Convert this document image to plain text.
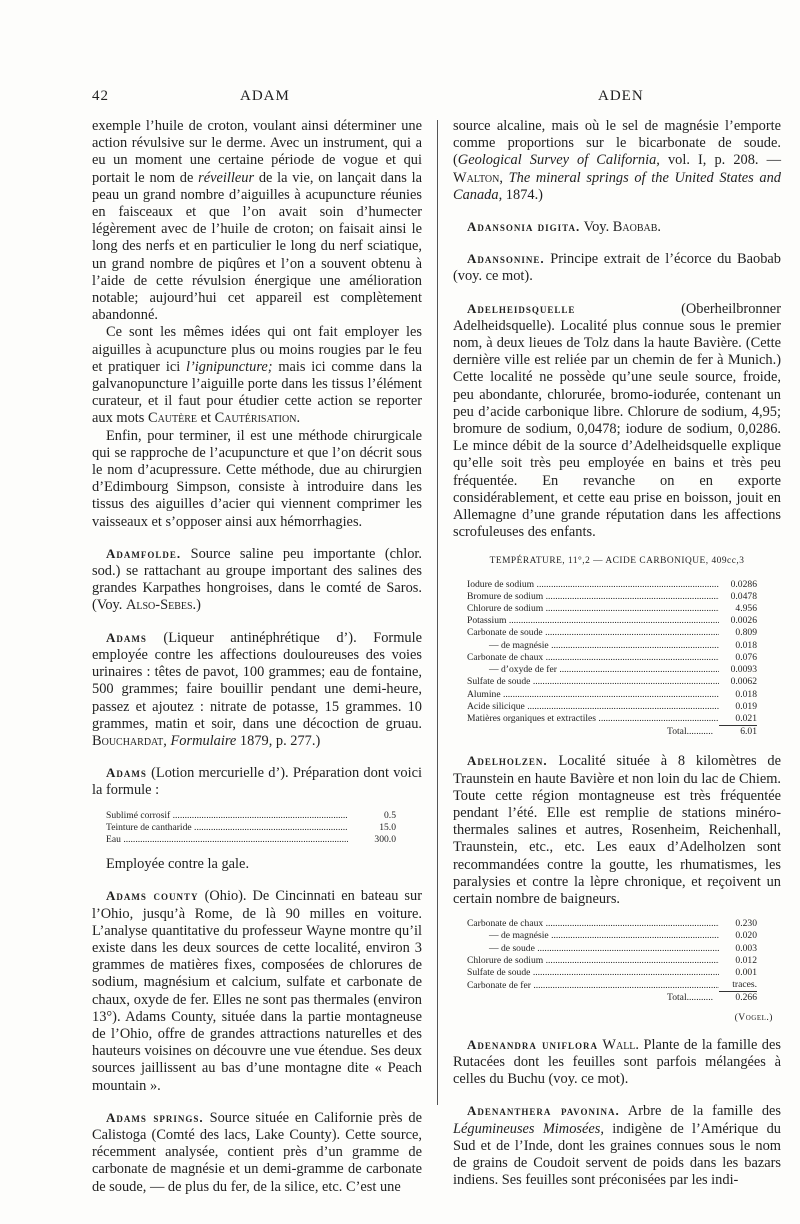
42	ADAM	ADEN

exemple l’huile de croton, voulant ainsi déterminer une action révulsive sur le derme. Avec un instrument, qui a eu un moment une certaine période de vogue et qui portait le nom de réveilleur de la vie, on lançait dans la peau un grand nombre d’aiguilles à acupuncture réunies en faisceaux et que l’on avait soin d’humecter légèrement avec de l’huile de croton; on faisait ainsi le long des nerfs et en particulier le long du nerf sciatique, un grand nombre de piqûres et l’on a souvent obtenu à l’aide de cette révulsion énergique une amélioration notable; aujourd’hui cet appareil est complètement abandonné.

Ce sont les mêmes idées qui ont fait employer les aiguilles à acupuncture plus ou moins rougies par le feu et pratiquer ici l’ignipuncture; mais ici comme dans la galvanopuncture l’aiguille porte dans les tissus l’élément curateur, et il faut pour étudier cette action se reporter aux mots Cautère et Cautérisation.

Enfin, pour terminer, il est une méthode chirurgicale qui se rapproche de l’acupuncture et que l’on décrit sous le nom d’acupressure. Cette méthode, due au chirurgien d’Edimbourg Simpson, consiste à introduire dans les tissus des aiguilles d’acier qui viennent comprimer les vaisseaux et s’opposer ainsi aux hémorrhagies.

Adamfolde. Source saline peu importante (chlor. sod.) se rattachant au groupe important des salines des grandes Karpathes hongroises, dans le comté de Saros. (Voy. Also-Sebes.)

Adams (Liqueur antinéphrétique d’). Formule employée contre les affections douloureuses des voies urinaires : têtes de pavot, 100 grammes; eau de fontaine, 500 grammes; faire bouillir pendant une demi-heure, passez et ajoutez : nitrate de potasse, 15 grammes. 10 grammes, matin et soir, dans une décoction de gruau. Bouchardat, Formulaire 1879, p. 277.)

Adams (Lotion mercurielle d’). Préparation dont voici la formule :

Sublimé corrosif .....	0.5
Teinture de cantharide .....	15.0
Eau .....	300.0

Employée contre la gale.

Adams county (Ohio). De Cincinnati en bateau sur l’Ohio, jusqu’à Rome, de là 90 milles en voiture. L’analyse quantitative du professeur Wayne montre qu’il existe dans les deux sources de cette localité, environ 3 grammes de matières fixes, composées de chlorures de sodium, magnésium et calcium, sulfate et carbonate de chaux, oxyde de fer. Elles ne sont pas thermales (environ 13°). Adams County, située dans la partie montagneuse de l’Ohio, offre de grandes attractions naturelles et des hauteurs voisines on découvre une vue étendue. Ses deux sources jaillissent au bas d’une montagne dite « Peach mountain ».

Adams springs. Source située en Californie près de Calistoga (Comté des lacs, Lake County). Cette source, récemment analysée, contient près d’un gramme de carbonate de magnésie et un demi-gramme de carbonate de soude, — de plus du fer, de la silice, etc. C’est une

source alcaline, mais où le sel de magnésie l’emporte comme proportions sur le bicarbonate de soude. (Geological Survey of California, vol. I, p. 208. — Walton, The mineral springs of the United States and Canada, 1874.)

Adansonia digita. Voy. Baobab.

Adansonine. Principe extrait de l’écorce du Baobab (voy. ce mot).

Adelheidsquelle	(Oberheilbronner Adelheidsquelle). Localité plus connue sous le premier nom, à deux lieues de Tolz dans la haute Bavière. (Cette dernière ville est reliée par un chemin de fer à Munich.) Cette localité ne possède qu’une seule source, froide, peu abondante, chlorurée, bromo-iodurée, contenant un peu d’acide carbonique libre. Chlorure de sodium, 4,95; bromure de sodium, 0,0478; iodure de sodium, 0,0286. Le mince débit de la source d’Adelheidsquelle explique qu’elle soit très peu employée en bains et très peu fréquentée. En revanche on en exporte considérablement, et cette eau prise en boisson, jouit en Allemagne d’une grande réputation dans les affections scrofuleuses des enfants.

TEMPÉRATURE, 11°,2 — ACIDE CARBONIQUE, 409cc,3

Iodure de sodium .....	0.0286
Bromure de sodium .....	0.0478
Chlorure de sodium .....	4.956
Potassium .....	0.0026
Carbonate de soude .....	0.809
— de magnésie .....	0.018
Carbonate de chaux .....	0.076
— d’oxyde de fer .....	0.0093
Sulfate de soude .....	0.0062
Alumine .....	0.018
Acide silicique .....	0.019
Matières organiques et extractiles .....	0.021
Total .....	6.01

Adelholzen. Localité située à 8 kilomètres de Traunstein en haute Bavière et non loin du lac de Chiem. Toute cette région montagneuse est très fréquentée pendant l’été. Elle est remplie de stations minéro-thermales salines et autres, Rosenheim, Reichenhall, Traunstein, etc., etc. Les eaux d’Adelholzen sont recommandées contre la goutte, les rhumatismes, les paralysies et contre la lèpre chronique, et reçoivent un certain nombre de baigneurs.

Carbonate de chaux .....	0.230
— de magnésie .....	0.020
— de soude .....	0.003
Chlorure de sodium .....	0.012
Sulfate de soude .....	0.001
Carbonate de fer .....	traces.
Total .....	0.266
(Vogel.)

Adenandra uniflora Wall. Plante de la famille des Rutacées dont les feuilles sont parfois mélangées à celles du Buchu (voy. ce mot).

Adenanthera pavonina. Arbre de la famille des Légumineuses Mimosées, indigène de l’Amérique du Sud et de l’Inde, dont les graines connues sous le nom de grains de Coudoit servent de poids dans les bazars indiens. Ses feuilles sont préconisées par les indi-
